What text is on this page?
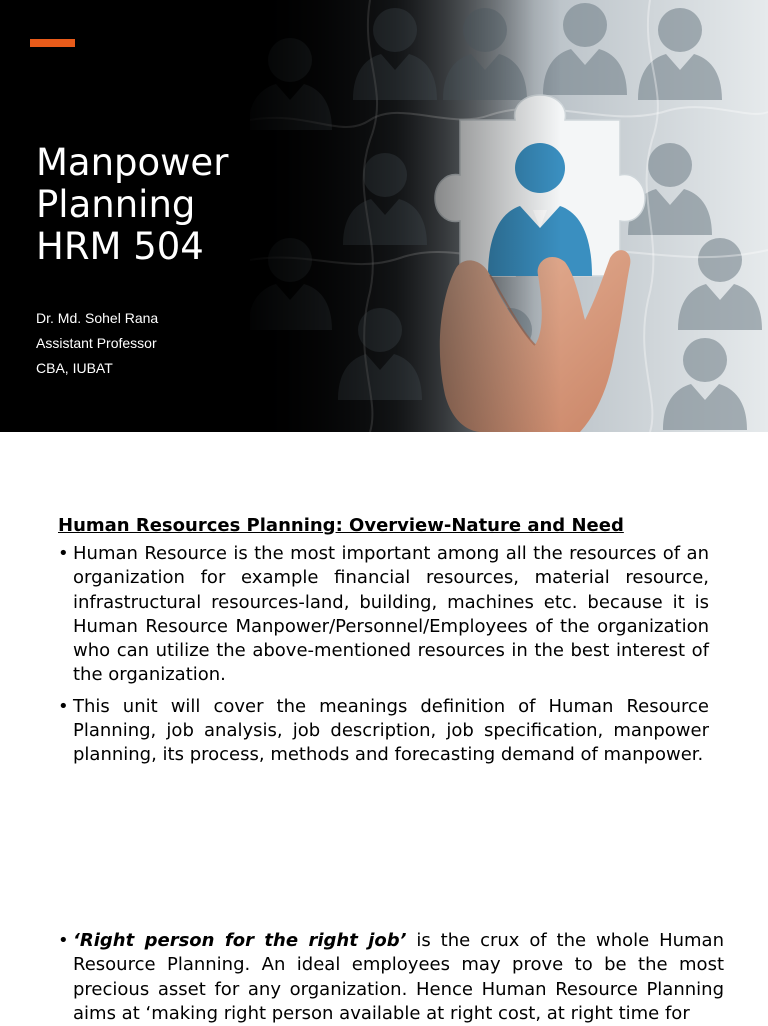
Manpower
Planning
HRM 504
Dr. Md. Sohel Rana
Assistant Professor
CBA, IUBAT
Human Resources Planning: Overview-Nature and Need
• Human Resource is the most important among all the resources of an organization for example financial resources, material resource, infrastructural resources-land, building, machines etc. because it is Human Resource Manpower/Personnel/Employees of the organization who can utilize the above-mentioned resources in the best interest of the organization.
• This unit will cover the meanings definition of Human Resource Planning, job analysis, job description, job specification, manpower planning, its process, methods and forecasting demand of manpower.
• ‘Right person for the right job’ is the crux of the whole Human Resource Planning. An ideal employees may prove to be the most precious asset for any organization. Hence Human Resource Planning aims at ‘making right person available at right cost, at right time for
